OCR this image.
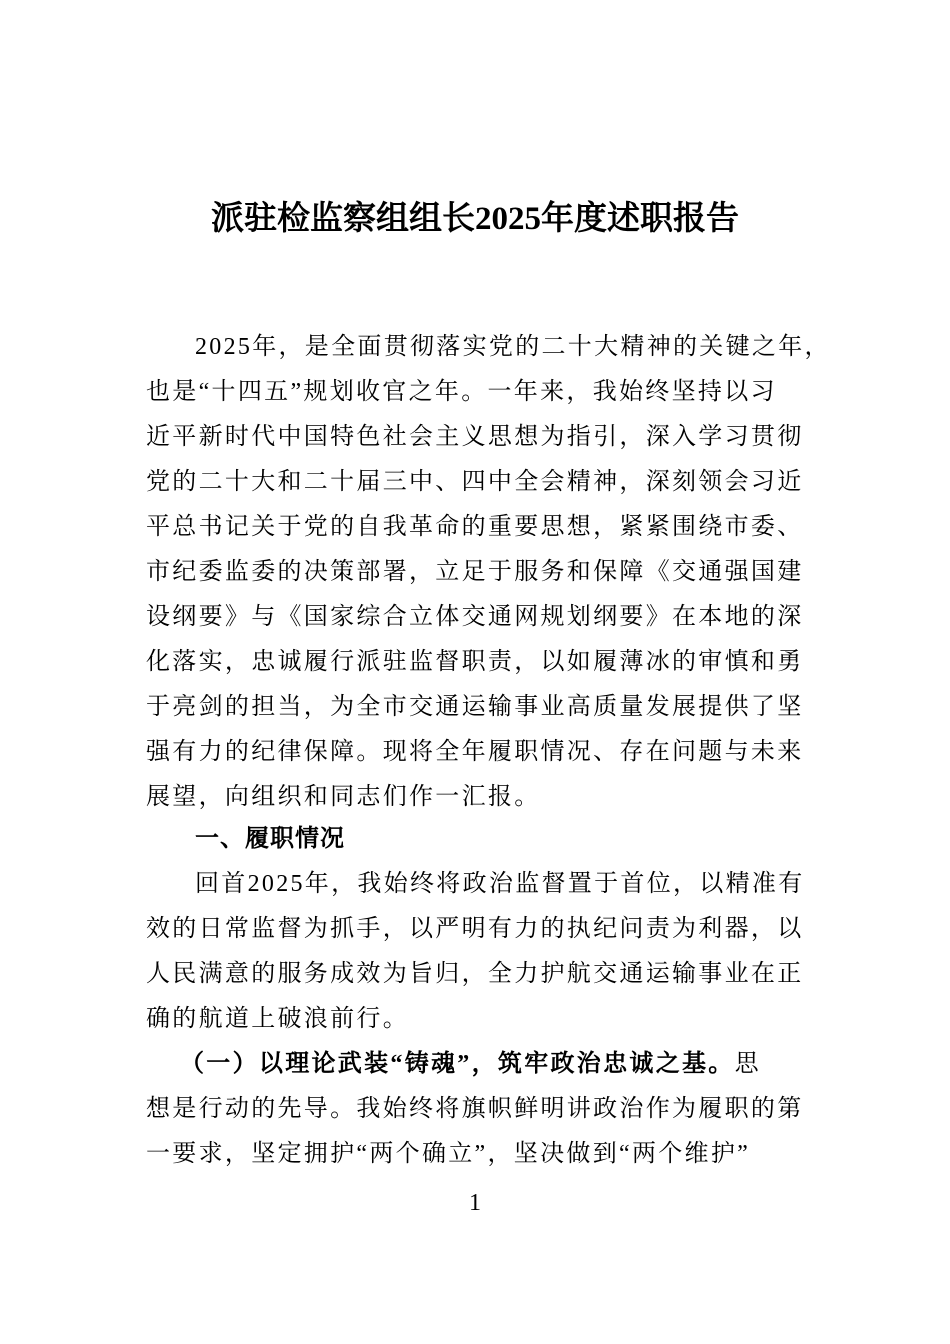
派驻检监察组组长2025年度述职报告
2025年，是全面贯彻落实党的二十大精神的关键之年，
也是“十四五”规划收官之年。一年来，我始终坚持以习
近平新时代中国特色社会主义思想为指引，深入学习贯彻
党的二十大和二十届三中、四中全会精神，深刻领会习近
平总书记关于党的自我革命的重要思想，紧紧围绕市委、
市纪委监委的决策部署，立足于服务和保障《交通强国建
设纲要》与《国家综合立体交通网规划纲要》在本地的深
化落实，忠诚履行派驻监督职责，以如履薄冰的审慎和勇
于亮剑的担当，为全市交通运输事业高质量发展提供了坚
强有力的纪律保障。现将全年履职情况、存在问题与未来
展望，向组织和同志们作一汇报。
一、履职情况
回首2025年，我始终将政治监督置于首位，以精准有
效的日常监督为抓手，以严明有力的执纪问责为利器，以
人民满意的服务成效为旨归，全力护航交通运输事业在正
确的航道上破浪前行。
（一）以理论武装“铸魂”，筑牢政治忠诚之基。思
想是行动的先导。我始终将旗帜鲜明讲政治作为履职的第
一要求，坚定拥护“两个确立”，坚决做到“两个维护”
1
